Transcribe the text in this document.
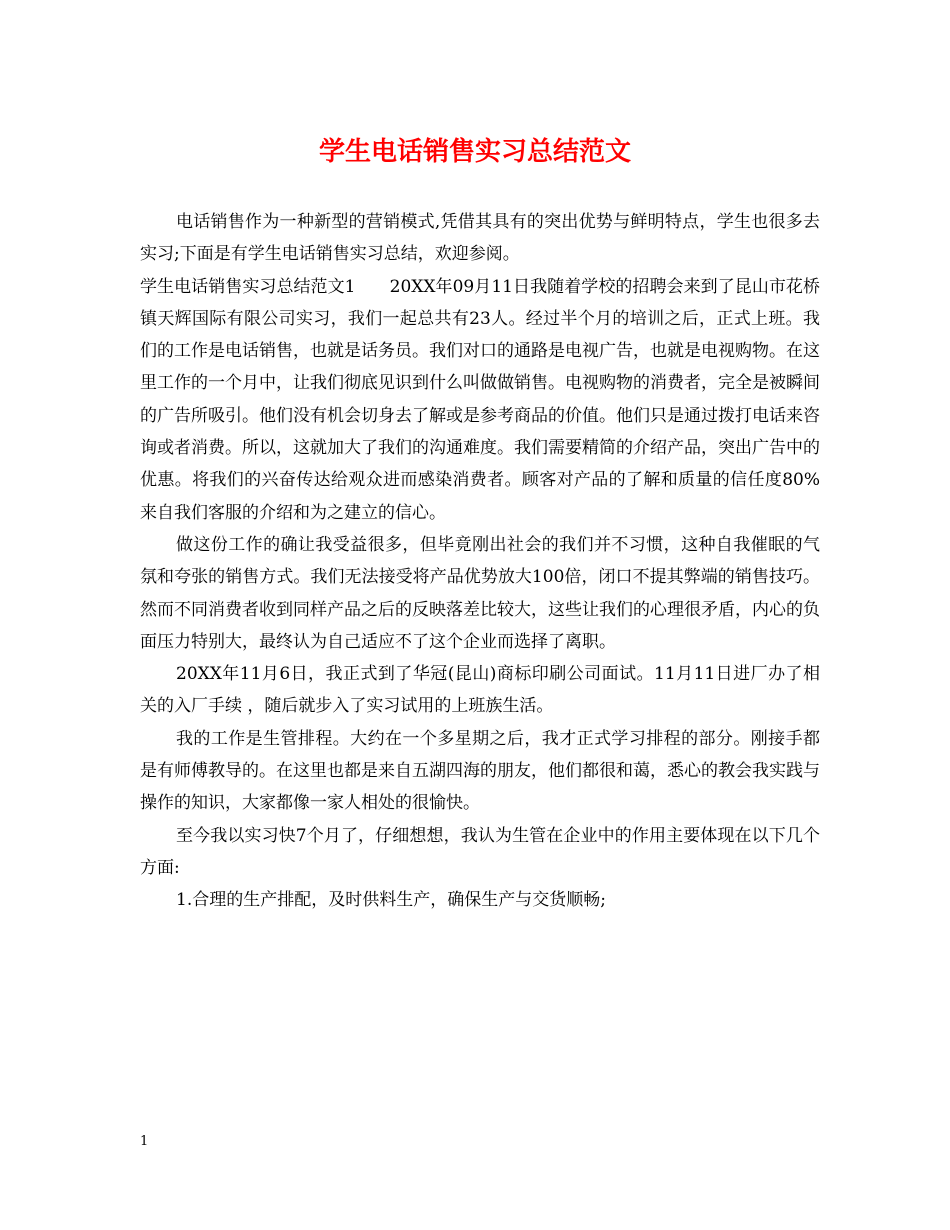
学生电话销售实习总结范文

电话销售作为一种新型的营销模式,凭借其具有的突出优势与鲜明特点，学生也很多去实习;下面是有学生电话销售实习总结，欢迎参阅。

学生电话销售实习总结范文1　　20XX年09月11日我随着学校的招聘会来到了昆山市花桥镇天辉国际有限公司实习，我们一起总共有23人。经过半个月的培训之后，正式上班。我们的工作是电话销售，也就是话务员。我们对口的通路是电视广告，也就是电视购物。在这里工作的一个月中，让我们彻底见识到什么叫做做销售。电视购物的消费者，完全是被瞬间的广告所吸引。他们没有机会切身去了解或是参考商品的价值。他们只是通过拨打电话来咨询或者消费。所以，这就加大了我们的沟通难度。我们需要精简的介绍产品，突出广告中的优惠。将我们的兴奋传达给观众进而感染消费者。顾客对产品的了解和质量的信任度80%来自我们客服的介绍和为之建立的信心。

做这份工作的确让我受益很多，但毕竟刚出社会的我们并不习惯，这种自我催眠的气氛和夸张的销售方式。我们无法接受将产品优势放大100倍，闭口不提其弊端的销售技巧。然而不同消费者收到同样产品之后的反映落差比较大，这些让我们的心理很矛盾，内心的负面压力特别大，最终认为自己适应不了这个企业而选择了离职。

20XX年11月6日，我正式到了华冠(昆山)商标印刷公司面试。11月11日进厂办了相关的入厂手续 ，随后就步入了实习试用的上班族生活。

我的工作是生管排程。大约在一个多星期之后，我才正式学习排程的部分。刚接手都是有师傅教导的。在这里也都是来自五湖四海的朋友，他们都很和蔼，悉心的教会我实践与操作的知识，大家都像一家人相处的很愉快。

至今我以实习快7个月了，仔细想想，我认为生管在企业中的作用主要体现在以下几个方面:

1.合理的生产排配，及时供料生产，确保生产与交货顺畅;

1
